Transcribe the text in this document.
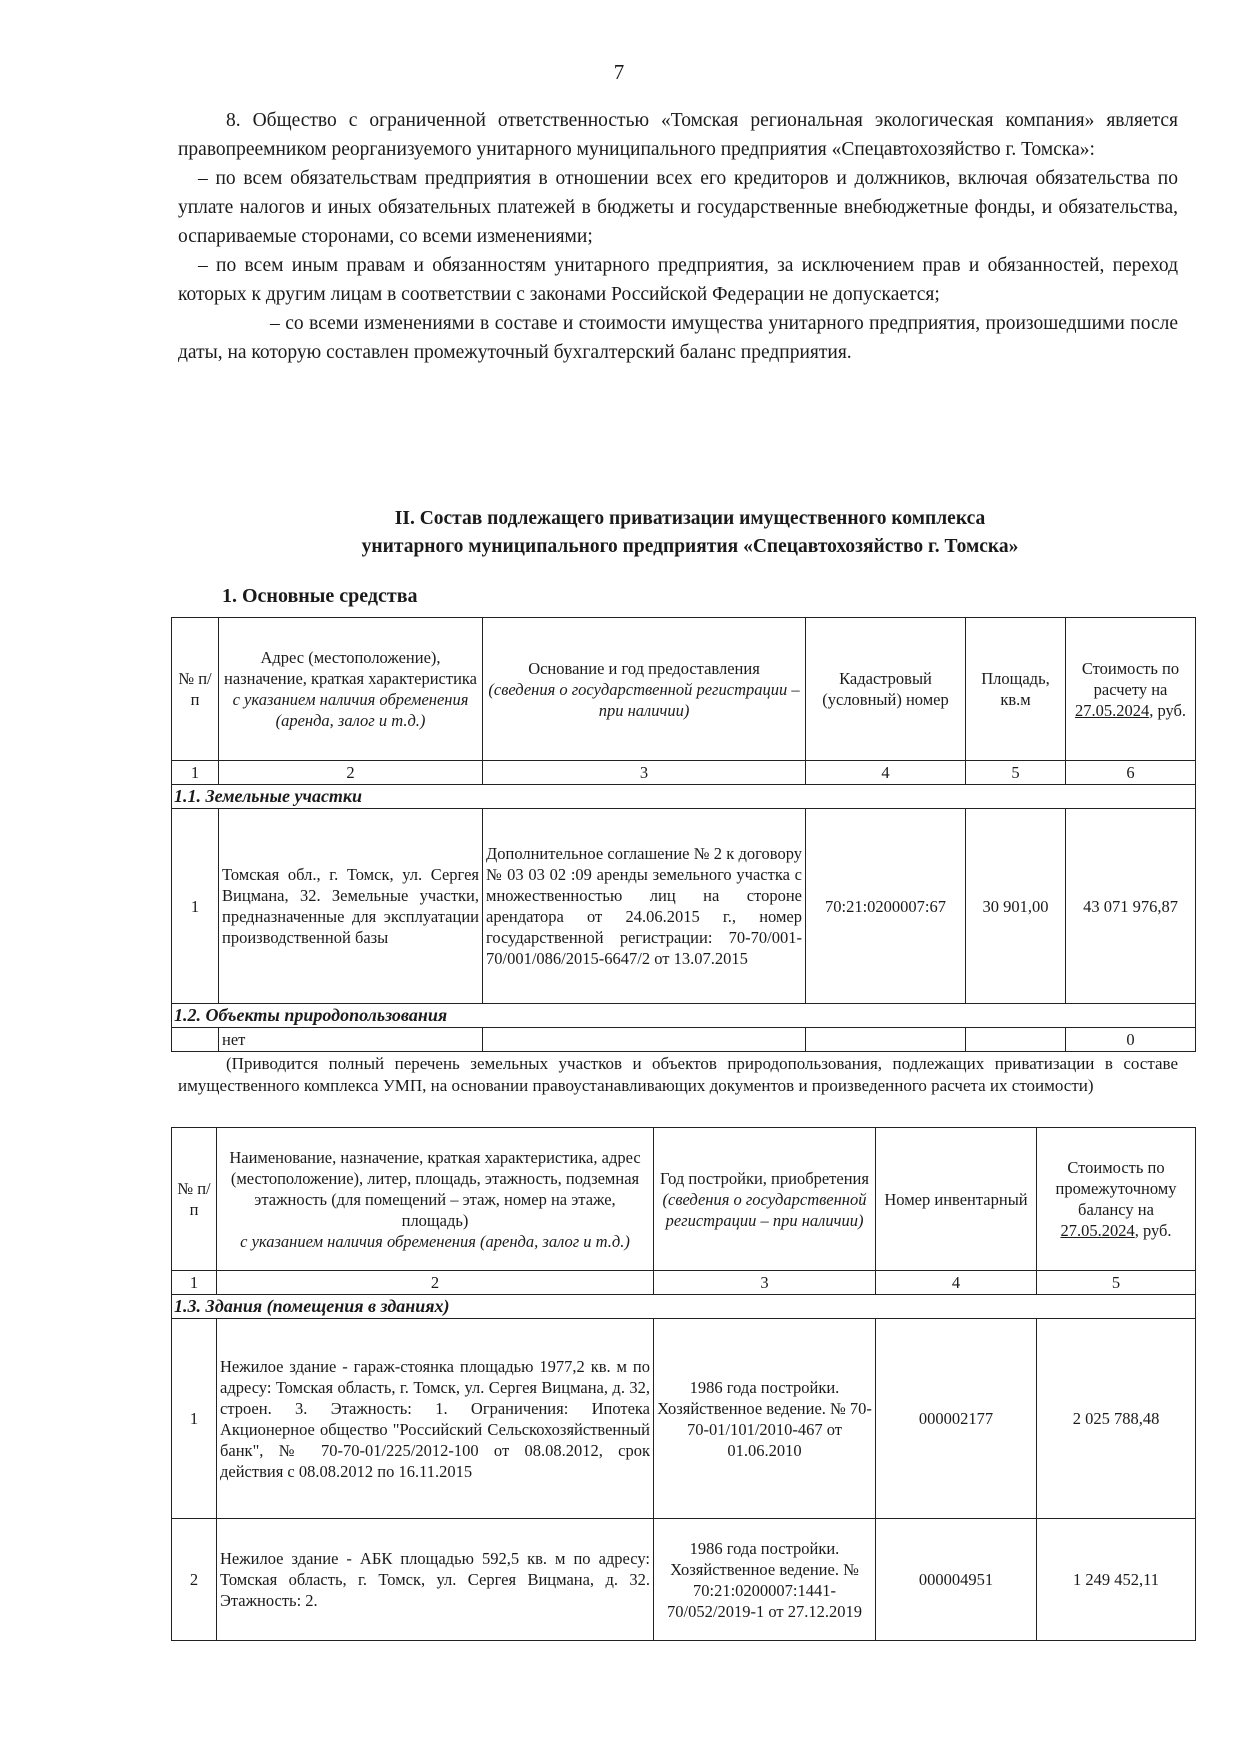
7

8. Общество с ограниченной ответственностью «Томская региональная экологическая компания» является правопреемником реорганизуемого унитарного муниципального предприятия «Спецавтохозяйство г. Томска»:

– по всем обязательствам предприятия в отношении всех его кредиторов и должников, включая обязательства по уплате налогов и иных обязательных платежей в бюджеты и государственные внебюджетные фонды, и обязательства, оспариваемые сторонами, со всеми изменениями;

– по всем иным правам и обязанностям унитарного предприятия, за исключением прав и обязанностей, переход которых к другим лицам в соответствии с законами Российской Федерации не допускается;

– со всеми изменениями в составе и стоимости имущества унитарного предприятия, произошедшими после даты, на которую составлен промежуточный бухгалтерский баланс предприятия.

II. Состав подлежащего приватизации имущественного комплекса
унитарного муниципального предприятия «Спецавтохозяйство г. Томска»
1. Основные средства
№ п/п	Адрес (местоположение), назначение, краткая характеристика
с указанием наличия обременения (аренда, залог и т.д.)	Основание и год предоставления
(сведения о государственной регистрации – при наличии)	Кадастровый (условный) номер	Площадь, кв.м	Стоимость по расчету на
27.05.2024, руб.
1	2	3	4	5	6
1.1. Земельные участки					
1	Томская обл., г. Томск, ул. Сергея Вицмана, 32. Земельные участки, предназначенные для эксплуатации производственной базы	Дополнительное соглашение № 2 к договору № 03 03 02 :09 аренды земельного участка с множественностью лиц на стороне арендатора от 24.06.2015 г., номер государственной регистрации: 70-70/001-70/001/086/2015-6647/2 от 13.07.2015	70:21:0200007:67	30 901,00	43 071 976,87
1.2. Объекты природопользования					
	нет				0

(Приводится полный перечень земельных участков и объектов природопользования, подлежащих приватизации в составе имущественного комплекса УМП, на основании правоустанавливающих документов и произведенного расчета их стоимости)

№ п/п	Наименование, назначение, краткая характеристика, адрес (местоположение), литер, площадь, этажность, подземная этажность (для помещений – этаж, номер на этаже, площадь)
с указанием наличия обременения (аренда, залог и т.д.)	Год постройки, приобретения
(сведения о государственной регистрации – при наличии)	Номер инвентарный	Стоимость по промежуточному балансу на 27.05.2024, руб.
1	2	3	4	5
1.3. Здания (помещения в зданиях)				
1	Нежилое здание - гараж-стоянка площадью 1977,2 кв. м по адресу: Томская область, г. Томск, ул. Сергея Вицмана, д. 32, строен. 3. Этажность: 1. Ограничения: Ипотека Акционерное общество "Российский Сельскохозяйственный банк", № 70-70-01/225/2012-100 от 08.08.2012, срок действия с 08.08.2012 по 16.11.2015	1986 года постройки. Хозяйственное ведение. № 70-70-01/101/2010-467 от 01.06.2010	000002177	2 025 788,48
2	Нежилое здание - АБК площадью 592,5 кв. м по адресу: Томская область, г. Томск, ул. Сергея Вицмана, д. 32. Этажность: 2.	1986 года постройки. Хозяйственное ведение. № 70:21:0200007:1441-70/052/2019-1 от 27.12.2019	000004951	1 249 452,11
